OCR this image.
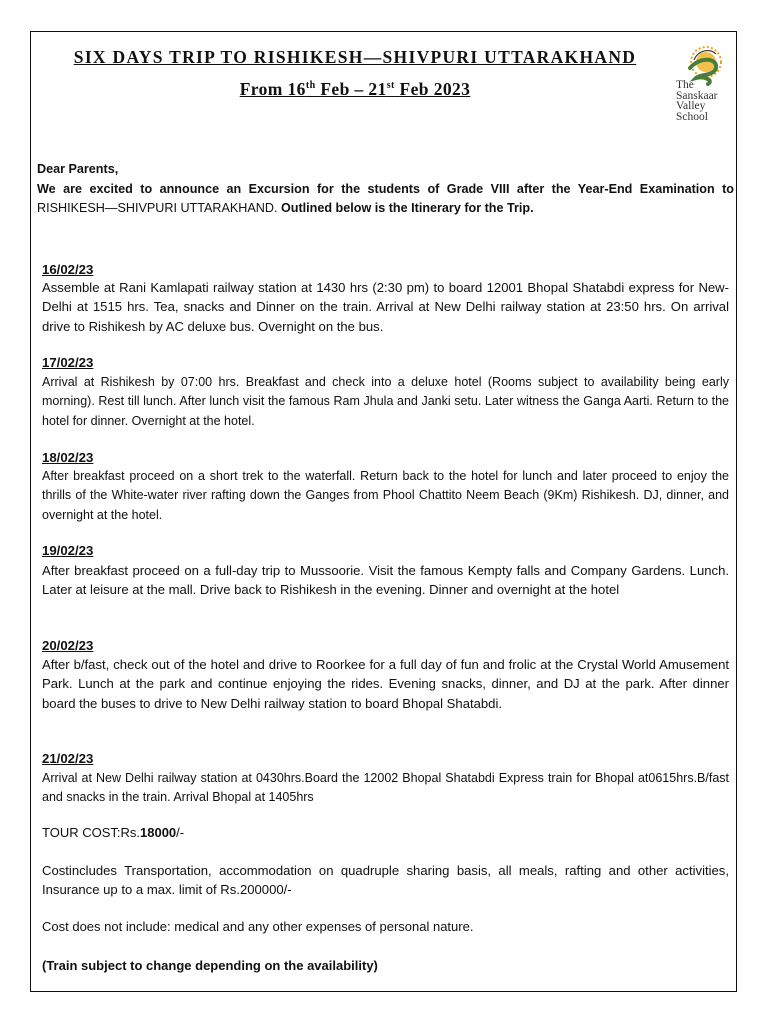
SIX DAYS TRIP TO RISHIKESH—SHIVPURI UTTARAKHAND
From 16th Feb – 21st Feb 2023	The
Sanskaar
Valley
School
Dear Parents,
We are excited to announce an Excursion for the students of Grade VIII after the Year-End Examination to RISHIKESH—SHIVPURI UTTARAKHAND. Outlined below is the Itinerary for the Trip.
16/02/23
Assemble at Rani Kamlapati railway station at 1430 hrs (2:30 pm) to board 12001 Bhopal Shatabdi express for New-Delhi at 1515 hrs. Tea, snacks and Dinner on the train. Arrival at New Delhi railway station at 23:50 hrs. On arrival drive to Rishikesh by AC deluxe bus. Overnight on the bus.
17/02/23
Arrival at Rishikesh by 07:00 hrs. Breakfast and check into a deluxe hotel (Rooms subject to availability being early morning). Rest till lunch. After lunch visit the famous Ram Jhula and Janki setu. Later witness the Ganga Aarti. Return to the hotel for dinner. Overnight at the hotel.
18/02/23
After breakfast proceed on a short trek to the waterfall. Return back to the hotel for lunch and later proceed to enjoy the thrills of the White-water river rafting down the Ganges from Phool Chattito Neem Beach (9Km) Rishikesh. DJ, dinner, and overnight at the hotel.
19/02/23
After breakfast proceed on a full-day trip to Mussoorie. Visit the famous Kempty falls and Company Gardens. Lunch. Later at leisure at the mall. Drive back to Rishikesh in the evening. Dinner and overnight at the hotel
20/02/23
After b/fast, check out of the hotel and drive to Roorkee for a full day of fun and frolic at the Crystal World Amusement Park. Lunch at the park and continue enjoying the rides. Evening snacks, dinner, and DJ at the park. After dinner board the buses to drive to New Delhi railway station to board Bhopal Shatabdi.
21/02/23
Arrival at New Delhi railway station at 0430hrs.Board the 12002 Bhopal Shatabdi Express train for Bhopal at0615hrs.B/fast and snacks in the train. Arrival Bhopal at 1405hrs
TOUR COST:Rs.18000/-
Costincludes Transportation, accommodation on quadruple sharing basis, all meals, rafting and other activities, Insurance up to a max. limit of Rs.200000/-
Cost does not include: medical and any other expenses of personal nature.
(Train subject to change depending on the availability)
